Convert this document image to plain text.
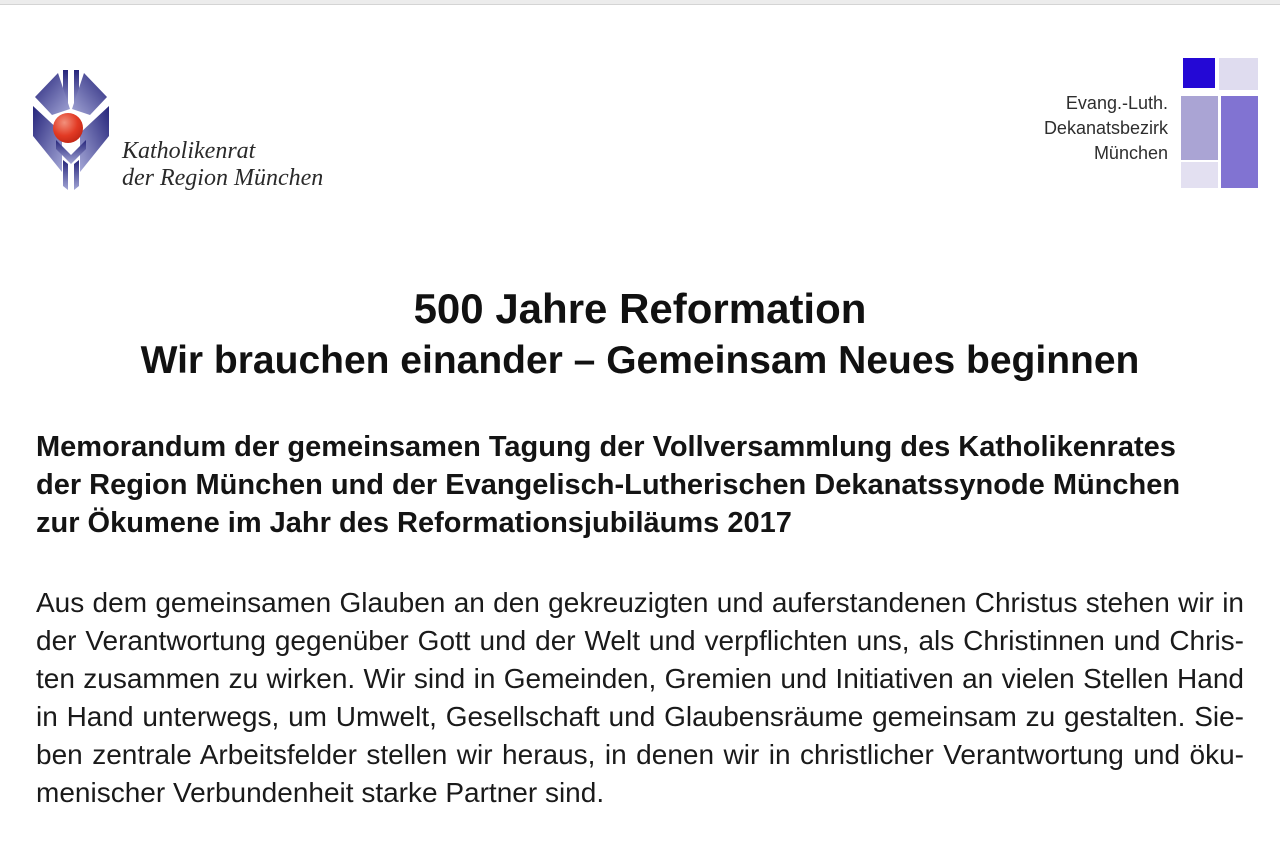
Katholikenrat
der Region München
Evang.-Luth.
Dekanatsbezirk
München
500 Jahre Reformation
Wir brauchen einander – Gemeinsam Neues beginnen
Memorandum der gemeinsamen Tagung der Vollversammlung des Katholikenrates
der Region München und der Evangelisch-Lutherischen Dekanatssynode München
zur Ökumene im Jahr des Reformationsjubiläums 2017
Aus dem gemeinsamen Glauben an den gekreuzigten und auferstandenen Christus stehen wir in
der Verantwortung gegenüber Gott und der Welt und verpflichten uns, als Christinnen und Chris-
ten zusammen zu wirken. Wir sind in Gemeinden, Gremien und Initiativen an vielen Stellen Hand
in Hand unterwegs, um Umwelt, Gesellschaft und Glaubensräume gemeinsam zu gestalten. Sie-
ben zentrale Arbeitsfelder stellen wir heraus, in denen wir in christlicher Verantwortung und öku-
menischer Verbundenheit starke Partner sind.
